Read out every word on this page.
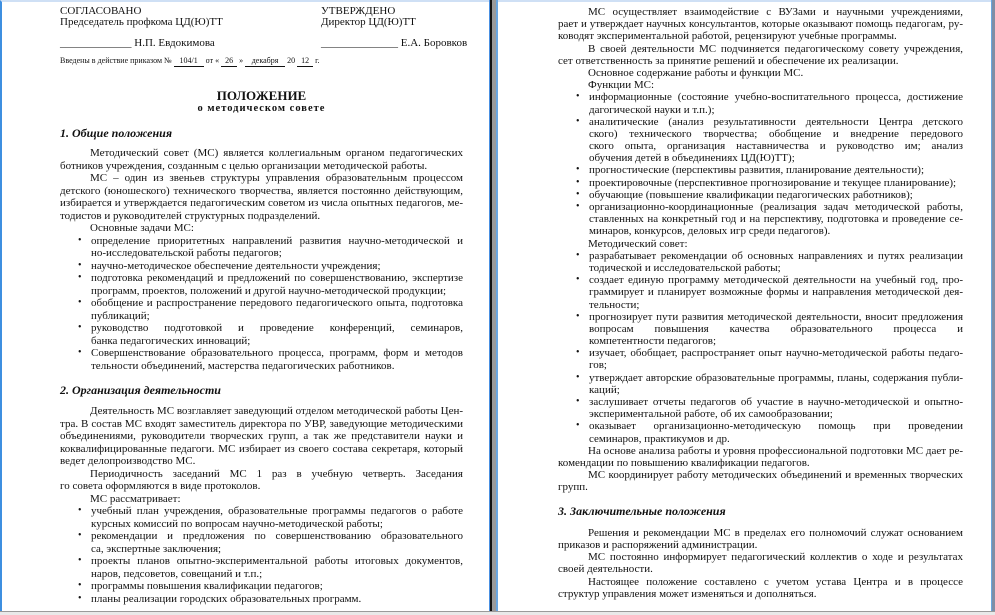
СОГЛАСОВАНО
Председатель профкома ЦД(Ю)ТТ
_____________ Н.П. Евдокимова
УТВЕРЖДЕНО
Директор ЦД(Ю)ТТ
______________ Е.А. Боровков
Введены в действие приказом № 104/1 от « 26 » декабря 20 12 г.
ПОЛОЖЕНИЕ
о методическом совете
1. Общие положения
Методический совет (МС) является коллегиальным органом педагогических
ботников учреждения, созданным с целью организации методической работы.
МС – один из звеньев структуры управления образовательным процессом
детского (юношеского) технического творчества, является постоянно действующим,
избирается и утверждается педагогическим советом из числа опытных педагогов, ме-
тодистов и руководителей структурных подразделений.
Основные задачи МС:
• определение приоритетных направлений развития научно-методической и
но-исследовательской работы педагогов;
• научно-методическое обеспечение деятельности учреждения;
• подготовка рекомендаций и предложений по совершенствованию, экспертизе
программ, проектов, положений и другой научно-методической продукции;
• обобщение и распространение передового педагогического опыта, подготовка
публикаций;
• руководство подготовкой и проведение конференций, семинаров,
банка педагогических инноваций;
• Совершенствование образовательного процесса, программ, форм и методов
тельности объединений, мастерства педагогических работников.
2. Организация деятельности
Деятельность МС возглавляет заведующий отделом методической работы Цен-
тра. В состав МС входят заместитель директора по УВР, заведующие методическими
объединениями, руководители творческих групп, а так же представители науки и
коквалифицированные педагоги. МС избирает из своего состава секретаря, который
ведет делопроизводство МС.
Периодичность заседаний МС 1 раз в учебную четверть. Заседания
го совета оформляются в виде протоколов.
МС рассматривает:
• учебный план учреждения, образовательные программы педагогов о работе
курсных комиссий по вопросам научно-методической работы;
• рекомендации и предложения по совершенствованию образовательного
са, экспертные заключения;
• проекты планов опытно-экспериментальной работы итоговых документов,
наров, педсоветов, совещаний и т.п.;
• программы повышения квалификации педагогов;
• планы реализации городских образовательных программ.
МС осуществляет взаимодействие с ВУЗами и научными учреждениями,
рает и утверждает научных консультантов, которые оказывают помощь педагогам, ру-
ководят экспериментальной работой, рецензируют учебные программы.
В своей деятельности МС подчиняется педагогическому совету учреждения,
сет ответственность за принятие решений и обеспечение их реализации.
Основное содержание работы и функции МС.
Функции МС:
• информационные (состояние учебно-воспитательного процесса, достижение
дагогической науки и т.п.);
• аналитические (анализ результативности деятельности Центра детского
ского) технического творчества; обобщение и внедрение передового
ского опыта, организация наставничества и руководство им; анализ
обучения детей в объединениях ЦД(Ю)ТТ);
• прогностические (перспективы развития, планирование деятельности);
• проектировочные (перспективное прогнозирование и текущее планирование);
• обучающие (повышение квалификации педагогических работников);
• организационно-координационные (реализация задач методической работы,
ставленных на конкретный год и на перспективу, подготовка и проведение се-
минаров, конкурсов, деловых игр среди педагогов).
Методический совет:
• разрабатывает рекомендации об основных направлениях и путях реализации
тодической и исследовательской работы;
• создает единую программу методической деятельности на учебный год, про-
граммирует и планирует возможные формы и направления методической дея-
тельности;
• прогнозирует пути развития методической деятельности, вносит предложения
вопросам повышения качества образовательного процесса и
компетентности педагогов;
• изучает, обобщает, распространяет опыт научно-методической работы педаго-
гов;
• утверждает авторские образовательные программы, планы, содержания публи-
каций;
• заслушивает отчеты педагогов об участие в научно-методической и опытно-
экспериментальной работе, об их самообразовании;
• оказывает организационно-методическую помощь при проведении
семинаров, практикумов и др.
На основе анализа работы и уровня профессиональной подготовки МС дает ре-
комендации по повышению квалификации педагогов.
МС координирует работу методических объединений и временных творческих
групп.
3. Заключительные положения
Решения и рекомендации МС в пределах его полномочий служат основанием
приказов и распоряжений администрации.
МС постоянно информирует педагогический коллектив о ходе и результатах
своей деятельности.
Настоящее положение составлено с учетом устава Центра и в процессе
структур управления может изменяться и дополняться.
